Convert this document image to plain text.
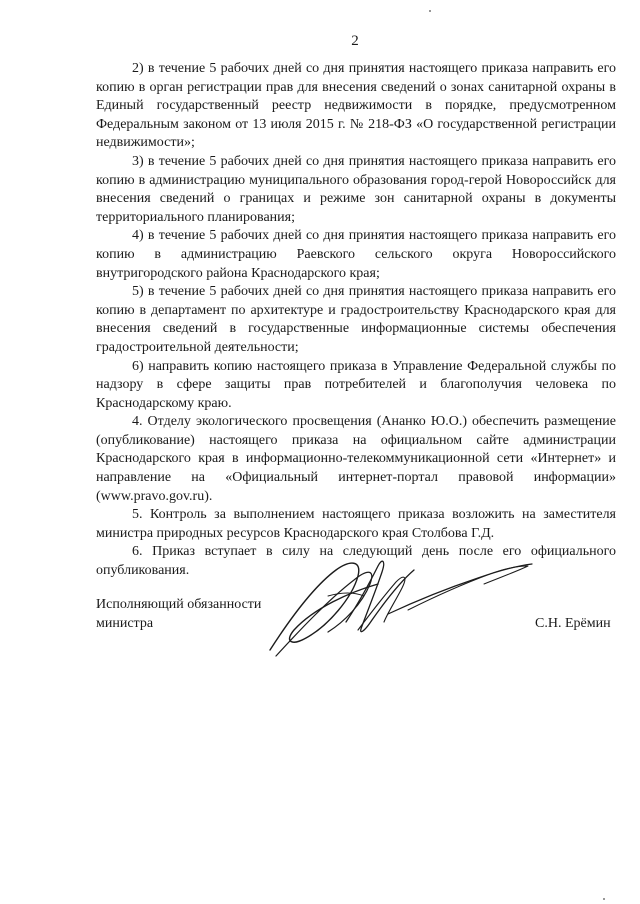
2

2) в течение 5 рабочих дней со дня принятия настоящего приказа направить его копию в орган регистрации прав для внесения сведений о зонах санитарной охраны в Единый государственный реестр недвижимости в порядке, предусмотренном Федеральным законом от 13 июля 2015 г. № 218-ФЗ «О государственной регистрации недвижимости»;

3) в течение 5 рабочих дней со дня принятия настоящего приказа направить его копию в администрацию муниципального образования город-герой Новороссийск для внесения сведений о границах и режиме зон санитарной охраны в документы территориального планирования;

4) в течение 5 рабочих дней со дня принятия настоящего приказа направить его копию в администрацию Раевского сельского округа Новороссийского внутригородского района Краснодарского края;

5) в течение 5 рабочих дней со дня принятия настоящего приказа направить его копию в департамент по архитектуре и градостроительству Краснодарского края для внесения сведений в государственные информационные системы обеспечения градостроительной деятельности;

6) направить копию настоящего приказа в Управление Федеральной службы по надзору в сфере защиты прав потребителей и благополучия человека по Краснодарскому краю.

4. Отделу экологического просвещения (Ананко Ю.О.) обеспечить размещение (опубликование) настоящего приказа на официальном сайте администрации Краснодарского края в информационно-телекоммуникационной сети «Интернет» и направление на «Официальный интернет-портал правовой информации» (www.pravo.gov.ru).

5. Контроль за выполнением настоящего приказа возложить на заместителя министра природных ресурсов Краснодарского края Столбова Г.Д.

6. Приказ вступает в силу на следующий день после его официального опубликования.

Исполняющий обязанности
министра	С.Н. Ерёмин
